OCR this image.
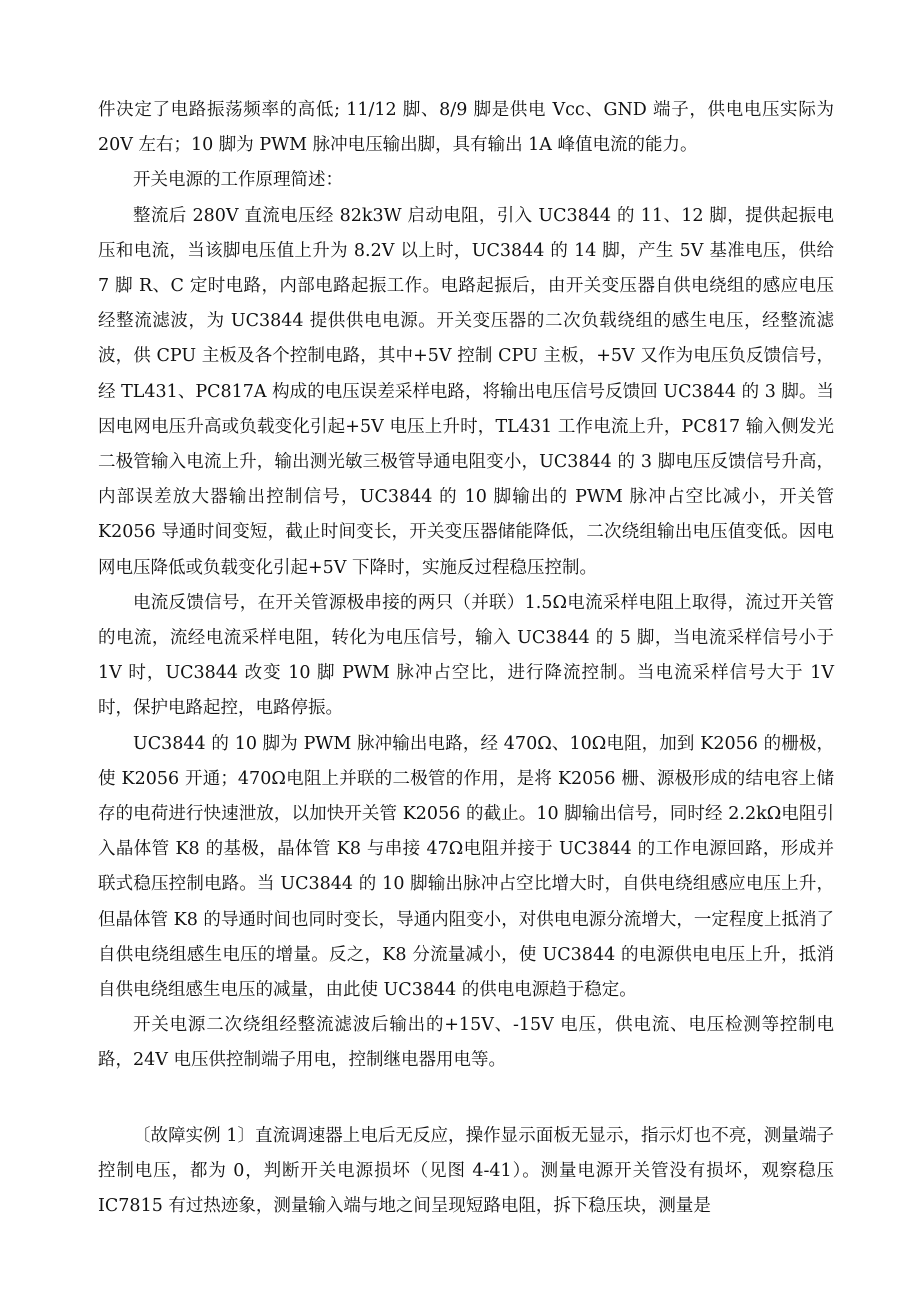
件决定了电路振荡频率的高低; 11/12 脚、8/9 脚是供电 Vcc、GND 端子，供电电压实际为 20V 左右；10 脚为 PWM 脉冲电压输出脚，具有输出 1A 峰值电流的能力。

开关电源的工作原理简述：

整流后 280V 直流电压经 82k3W 启动电阻，引入 UC3844 的 11、12 脚，提供起振电压和电流，当该脚电压值上升为 8.2V 以上时，UC3844 的 14 脚，产生 5V 基准电压，供给 7 脚 R、C 定时电路，内部电路起振工作。电路起振后，由开关变压器自供电绕组的感应电压经整流滤波，为 UC3844 提供供电电源。开关变压器的二次负载绕组的感生电压，经整流滤波，供 CPU 主板及各个控制电路，其中+5V 控制 CPU 主板，+5V 又作为电压负反馈信号，经 TL431、PC817A 构成的电压误差采样电路，将输出电压信号反馈回 UC3844 的 3 脚。当因电网电压升高或负载变化引起+5V 电压上升时，TL431 工作电流上升，PC817 输入侧发光二极管输入电流上升，输出测光敏三极管导通电阻变小，UC3844 的 3 脚电压反馈信号升高，内部误差放大器输出控制信号，UC3844 的 10 脚输出的 PWM 脉冲占空比减小，开关管 K2056 导通时间变短，截止时间变长，开关变压器储能降低，二次绕组输出电压值变低。因电网电压降低或负载变化引起+5V 下降时，实施反过程稳压控制。

电流反馈信号，在开关管源极串接的两只（并联）1.5Ω电流采样电阻上取得，流过开关管的电流，流经电流采样电阻，转化为电压信号，输入 UC3844 的 5 脚，当电流采样信号小于 1V 时，UC3844 改变 10 脚 PWM 脉冲占空比，进行降流控制。当电流采样信号大于 1V 时，保护电路起控，电路停振。

UC3844 的 10 脚为 PWM 脉冲输出电路，经 470Ω、10Ω电阻，加到 K2056 的栅极，使 K2056 开通；470Ω电阻上并联的二极管的作用，是将 K2056 栅、源极形成的结电容上储存的电荷进行快速泄放，以加快开关管 K2056 的截止。10 脚输出信号，同时经 2.2kΩ电阻引入晶体管 K8 的基极，晶体管 K8 与串接 47Ω电阻并接于 UC3844 的工作电源回路，形成并联式稳压控制电路。当 UC3844 的 10 脚输出脉冲占空比增大时，自供电绕组感应电压上升，但晶体管 K8 的导通时间也同时变长，导通内阻变小，对供电电源分流增大，一定程度上抵消了自供电绕组感生电压的增量。反之，K8 分流量减小，使 UC3844 的电源供电电压上升，抵消自供电绕组感生电压的减量，由此使 UC3844 的供电电源趋于稳定。

开关电源二次绕组经整流滤波后输出的+15V、-15V 电压，供电流、电压检测等控制电路，24V 电压供控制端子用电，控制继电器用电等。

〔故障实例 1〕直流调速器上电后无反应，操作显示面板无显示，指示灯也不亮，测量端子控制电压，都为 0，判断开关电源损坏（见图 4-41）。测量电源开关管没有损坏，观察稳压 IC7815 有过热迹象，测量输入端与地之间呈现短路电阻，拆下稳压块，测量是
